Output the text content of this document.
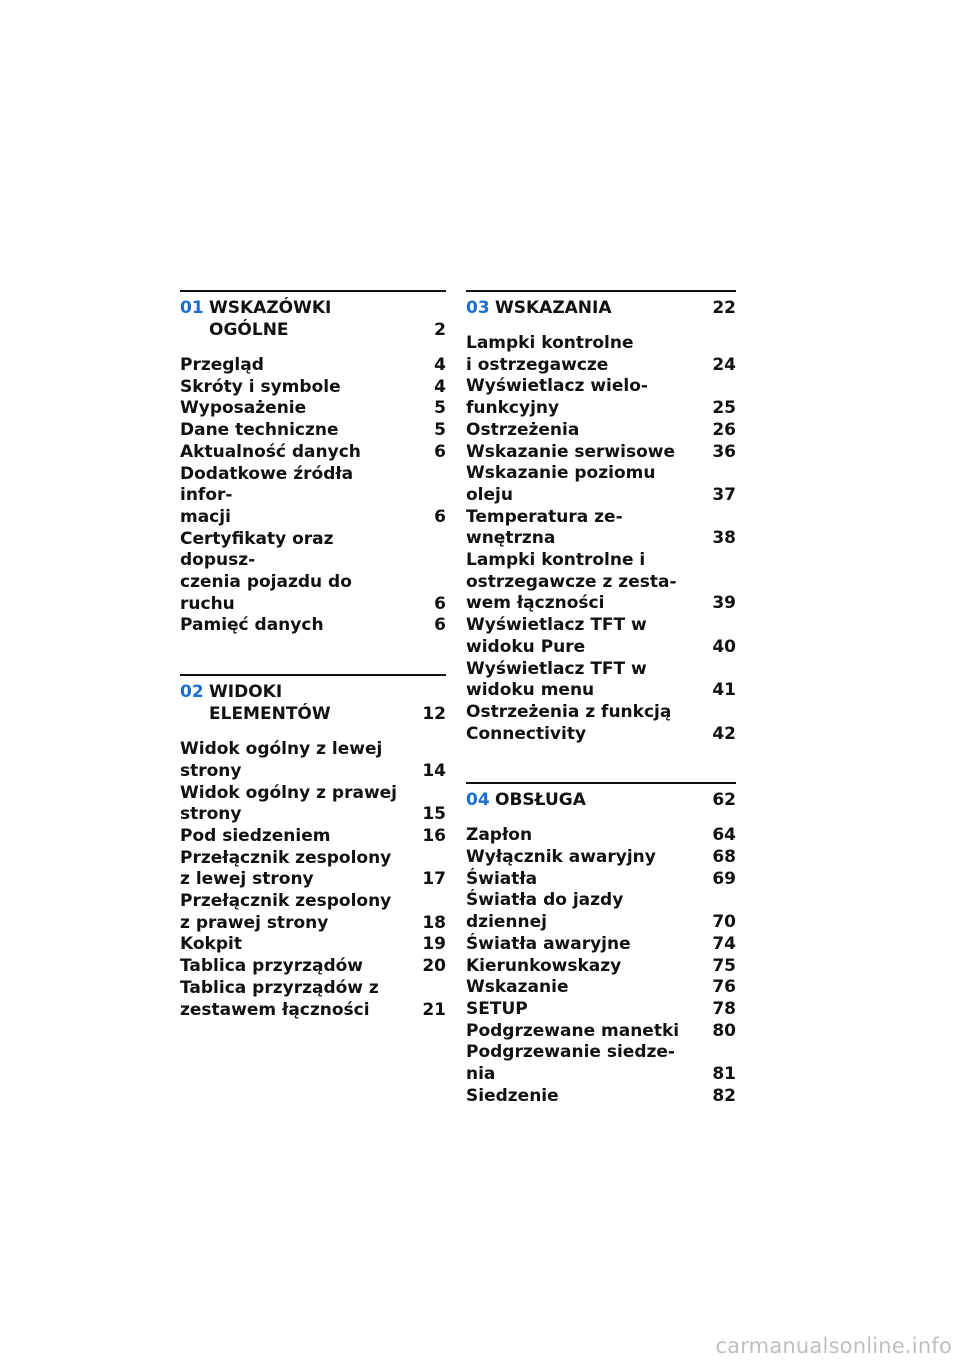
01 WSKAZÓWKI
OGÓLNE	2
Przegląd	4
Skróty i symbole	4
Wyposażenie	5
Dane techniczne	5
Aktualność danych	6
Dodatkowe źródła infor-
macji	6
Certyfikaty oraz dopusz-
czenia pojazdu do ruchu	6
Pamięć danych	6
02 WIDOKI
ELEMENTÓW	12
Widok ogólny z lewej
strony	14
Widok ogólny z prawej
strony	15
Pod siedzeniem	16
Przełącznik zespolony
z lewej strony	17
Przełącznik zespolony
z prawej strony	18
Kokpit	19
Tablica przyrządów	20
Tablica przyrządów z
zestawem łączności	21
03 WSKAZANIA	22
Lampki kontrolne
i ostrzegawcze	24
Wyświetlacz wielo-
funkcyjny	25
Ostrzeżenia	26
Wskazanie serwisowe	36
Wskazanie poziomu
oleju	37
Temperatura ze-
wnętrzna	38
Lampki kontrolne i
ostrzegawcze z zesta-
wem łączności	39
Wyświetlacz TFT w
widoku Pure	40
Wyświetlacz TFT w
widoku menu	41
Ostrzeżenia z funkcją
Connectivity	42
04 OBSŁUGA	62
Zapłon	64
Wyłącznik awaryjny	68
Światła	69
Światła do jazdy
dziennej	70
Światła awaryjne	74
Kierunkowskazy	75
Wskazanie	76
SETUP	78
Podgrzewane manetki	80
Podgrzewanie siedze-
nia	81
Siedzenie	82
carmanualsonline.info
